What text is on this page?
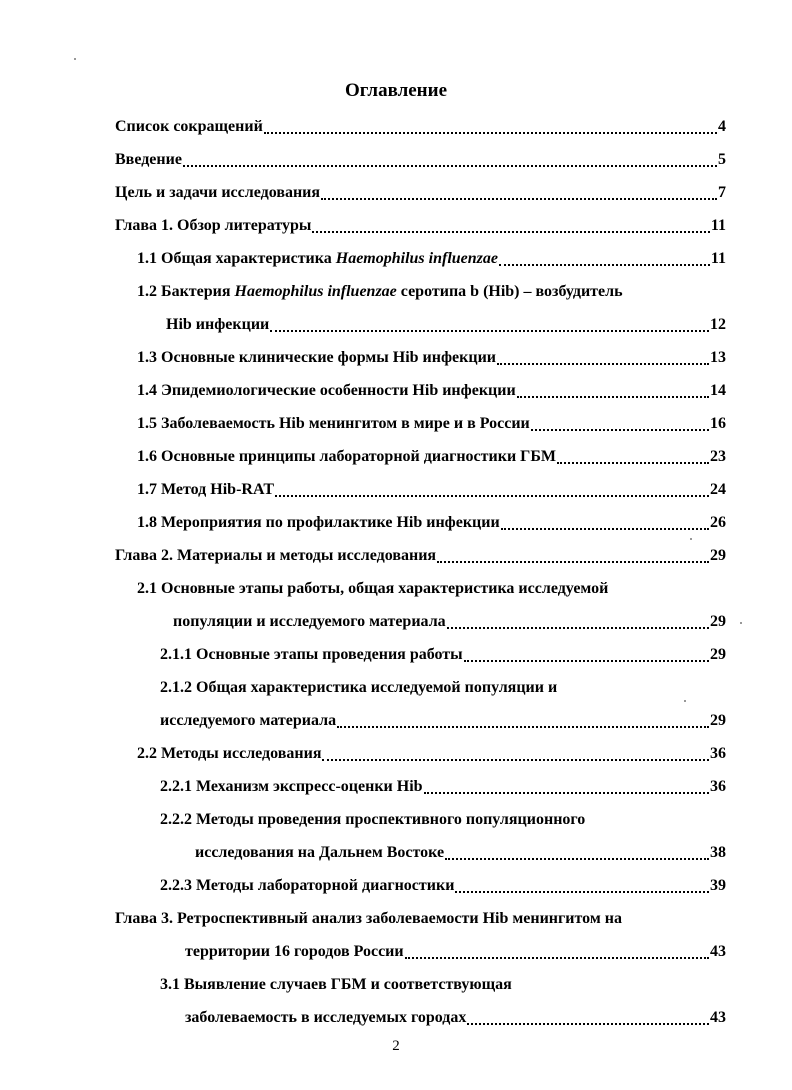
Оглавление
Список сокращений	4
Введение	5
Цель и задачи исследования	7
Глава 1. Обзор литературы	11
1.1 Общая характеристика Haemophilus influenzae	11
1.2 Бактерия Haemophilus influenzae серотипа b (Hib) – возбудитель
Hib инфекции	12
1.3 Основные клинические формы Hib инфекции	13
1.4 Эпидемиологические особенности Hib инфекции	14
1.5 Заболеваемость Hib менингитом в мире и в России	16
1.6 Основные принципы лабораторной диагностики ГБМ	23
1.7 Метод Hib-RAT	24
1.8 Мероприятия по профилактике Hib инфекции	26
Глава 2. Материалы и методы исследования	29
2.1 Основные этапы работы, общая характеристика исследуемой
популяции и исследуемого материала	29
2.1.1 Основные этапы проведения работы	29
2.1.2 Общая характеристика исследуемой популяции и
исследуемого материала	29
2.2 Методы исследования	36
2.2.1 Механизм экспресс-оценки Hib	36
2.2.2 Методы проведения проспективного популяционного
исследования на Дальнем Востоке	38
2.2.3 Методы лабораторной диагностики	39
Глава 3. Ретроспективный анализ заболеваемости Hib менингитом на
территории 16 городов России	43
3.1 Выявление случаев ГБМ и соответствующая
заболеваемость в исследуемых городах	43
2
